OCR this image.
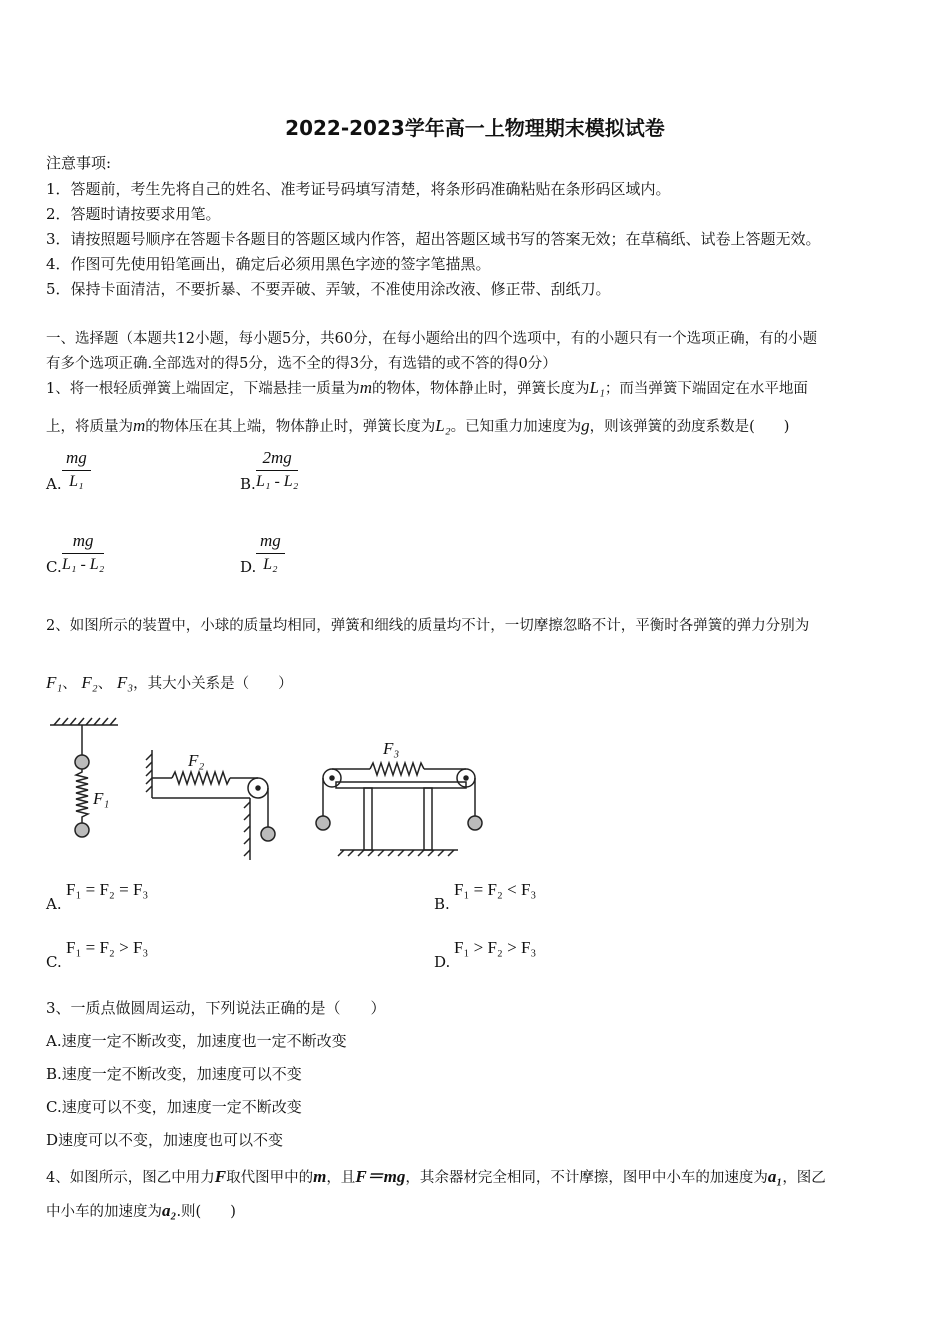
2022-2023学年高一上物理期末模拟试卷
注意事项:
1．答题前，考生先将自己的姓名、准考证号码填写清楚，将条形码准确粘贴在条形码区域内。
2．答题时请按要求用笔。
3．请按照题号顺序在答题卡各题目的答题区域内作答，超出答题区域书写的答案无效；在草稿纸、试卷上答题无效。
4．作图可先使用铅笔画出，确定后必须用黑色字迹的签字笔描黑。
5．保持卡面清洁，不要折暴、不要弄破、弄皱，不准使用涂改液、修正带、刮纸刀。
一、选择题（本题共12小题，每小题5分，共60分，在每小题给出的四个选项中，有的小题只有一个选项正确，有的小题
有多个选项正确.全部选对的得5分，选不全的得3分，有选错的或不答的得0分）
1、将一根轻质弹簧上端固定，下端悬挂一质量为m的物体，物体静止时，弹簧长度为L₁；而当弹簧下端固定在水平地面
上，将质量为m的物体压在其上端，物体静止时，弹簧长度为L₂。已知重力加速度为g，则该弹簧的劲度系数是(　　)
A. $\frac{mg}{\text{L₁}}$	B. $\frac{2mg}{\text{L₁ - L₂}}$
C. $\frac{mg}{\text{L₁ - L₂}}$	D. $\frac{mg}{\text{L₂}}$
2、如图所示的装置中，小球的质量均相同，弹簧和细线的质量均不计，一切摩擦忽略不计，平衡时各弹簧的弹力分别为
F₁、 F₂、 F₃，其大小关系是（　　）
F₁
F₂
F₃
A.
F₁ = F₂ = F₃
B.
F₁ = F₂ < F₃
C.
F₁ = F₂ > F₃
D.
F₁ > F₂ > F₃
3、一质点做圆周运动，下列说法正确的是（　　）
A.速度一定不断改变，加速度也一定不断改变
B.速度一定不断改变，加速度可以不变
C.速度可以不变，加速度一定不断改变
D速度可以不变，加速度也可以不变
4、如图所示，图乙中用力F取代图甲中的m，且F＝mg，其余器材完全相同，不计摩擦，图甲中小车的加速度为a₁，图乙
中小车的加速度为a₂.则(　　)
